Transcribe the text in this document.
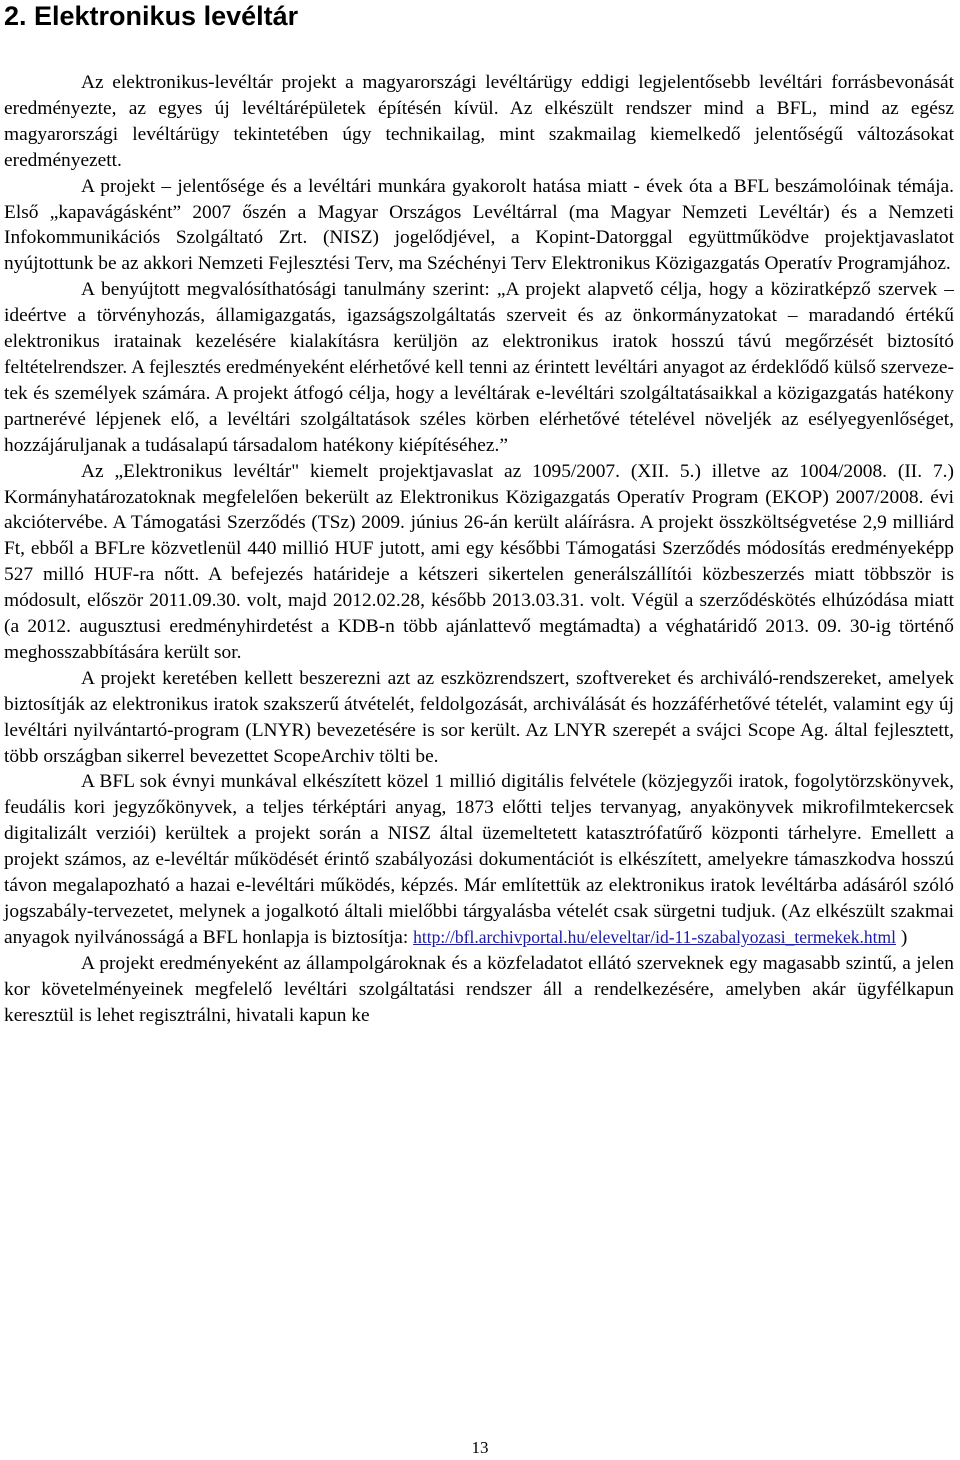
2. Elektronikus levéltár

Az elektronikus-levéltár projekt a magyarországi levéltárügy eddigi legjelentősebb levéltári forrásbevonását eredményezte, az egyes új levéltárépületek építésén kívül. Az elkészült rendszer mind a BFL, mind az egész magyarországi levéltárügy tekintetében úgy technikailag, mint szakmailag kiemelkedő jelentőségű változásokat eredményezett.

A projekt – jelentősége és a levéltári munkára gyakorolt hatása miatt - évek óta a BFL beszámolóinak témája. Első „kapavágásként” 2007 őszén a Magyar Országos Levéltárral (ma Magyar Nemzeti Levéltár) és a Nemzeti Infokommunikációs Szolgáltató Zrt. (NISZ) jogelődjével, a Kopint-Datorggal együttműködve projektjavaslatot nyújtottunk be az akkori Nemzeti Fejlesztési Terv, ma Széchényi Terv Elektronikus Közigazgatás Operatív Programjához.

A benyújtott megvalósíthatósági tanulmány szerint: „A projekt alapvető célja, hogy a köziratképző szervek – ideértve a törvényhozás, államigazgatás, igazságszolgáltatás szerveit és az önkormányzatokat – maradandó értékű elektronikus iratainak kezelésére kialakításra kerüljön az elektronikus iratok hosszú távú megőrzését biztosító feltételrendszer. A fejlesztés eredményeként elérhetővé kell tenni az érintett levéltári anyagot az érdeklődő külső szervezetek és személyek számára. A projekt átfogó célja, hogy a levéltárak e-levéltári szolgáltatásaikkal a közigazgatás hatékony partnerévé lépjenek elő, a levéltári szolgáltatások széles körben elérhetővé tételével növeljék az esélyegyenlőséget, hozzájáruljanak a tudásalapú társadalom hatékony kiépítéséhez.”

Az „Elektronikus levéltár" kiemelt projektjavaslat az 1095/2007. (XII. 5.) illetve az 1004/2008. (II. 7.) Kormányhatározatoknak megfelelően bekerült az Elektronikus Közigazgatás Operatív Program (EKOP) 2007/2008. évi akciótervébe. A Támogatási Szerződés (TSz) 2009. június 26-án került aláírásra. A projekt összköltségvetése 2,9 milliárd Ft, ebből a BFLre közvetlenül 440 millió HUF jutott, ami egy későbbi Támogatási Szerződés módosítás eredményeképp 527 milló HUF-ra nőtt. A befejezés határideje a kétszeri sikertelen generálszállítói közbeszerzés miatt többször is módosult, először 2011.09.30. volt, majd 2012.02.28, később 2013.03.31. volt. Végül a szerződéskötés elhúzódása miatt (a 2012. augusztusi eredményhirdetést a KDB-n több ajánlattevő megtámadta) a véghatáridő 2013. 09. 30-ig történő meghosszabbítására került sor.

A projekt keretében kellett beszerezni azt az eszközrendszert, szoftvereket és archiváló-rendszereket, amelyek biztosítják az elektronikus iratok szakszerű átvételét, feldolgozását, archiválását és hozzáférhetővé tételét, valamint egy új levéltári nyilvántartó-program (LNYR) bevezetésére is sor került. Az LNYR szerepét a svájci Scope Ag. által fejlesztett, több országban sikerrel bevezettet ScopeArchiv tölti be.

A BFL sok évnyi munkával elkészített közel 1 millió digitális felvétele (közjegyzői iratok, fogolytörzskönyvek, feudális kori jegyzőkönyvek, a teljes térképtári anyag, 1873 előtti teljes tervanyag, anyakönyvek mikrofilmtekercsek digitalizált verziói) kerültek a projekt során a NISZ által üzemeltetett katasztrófatűrő központi tárhelyre. Emellett a projekt számos, az e-levéltár működését érintő szabályozási dokumentációt is elkészített, amelyekre támaszkodva hosszú távon megalapozható a hazai e-levéltári működés, képzés. Már említettük az elektronikus iratok levéltárba adásáról szóló jogszabály-tervezetet, melynek a jogalkotó általi mielőbbi tárgyalásba vételét csak sürgetni tudjuk. (Az elkészült szakmai anyagok nyilvánosságá a BFL honlapja is biztosítja: http://bfl.archivportal.hu/eleveltar/id-11-szabalyozasi_termekek.html )

A projekt eredményeként az állampolgároknak és a közfeladatot ellátó szerveknek egy magasabb szintű, a jelen kor követelményeinek megfelelő levéltári szolgáltatási rendszer áll a rendelkezésére, amelyben akár ügyfélkapun keresztül is lehet regisztrálni, hivatali kapun ke

13
